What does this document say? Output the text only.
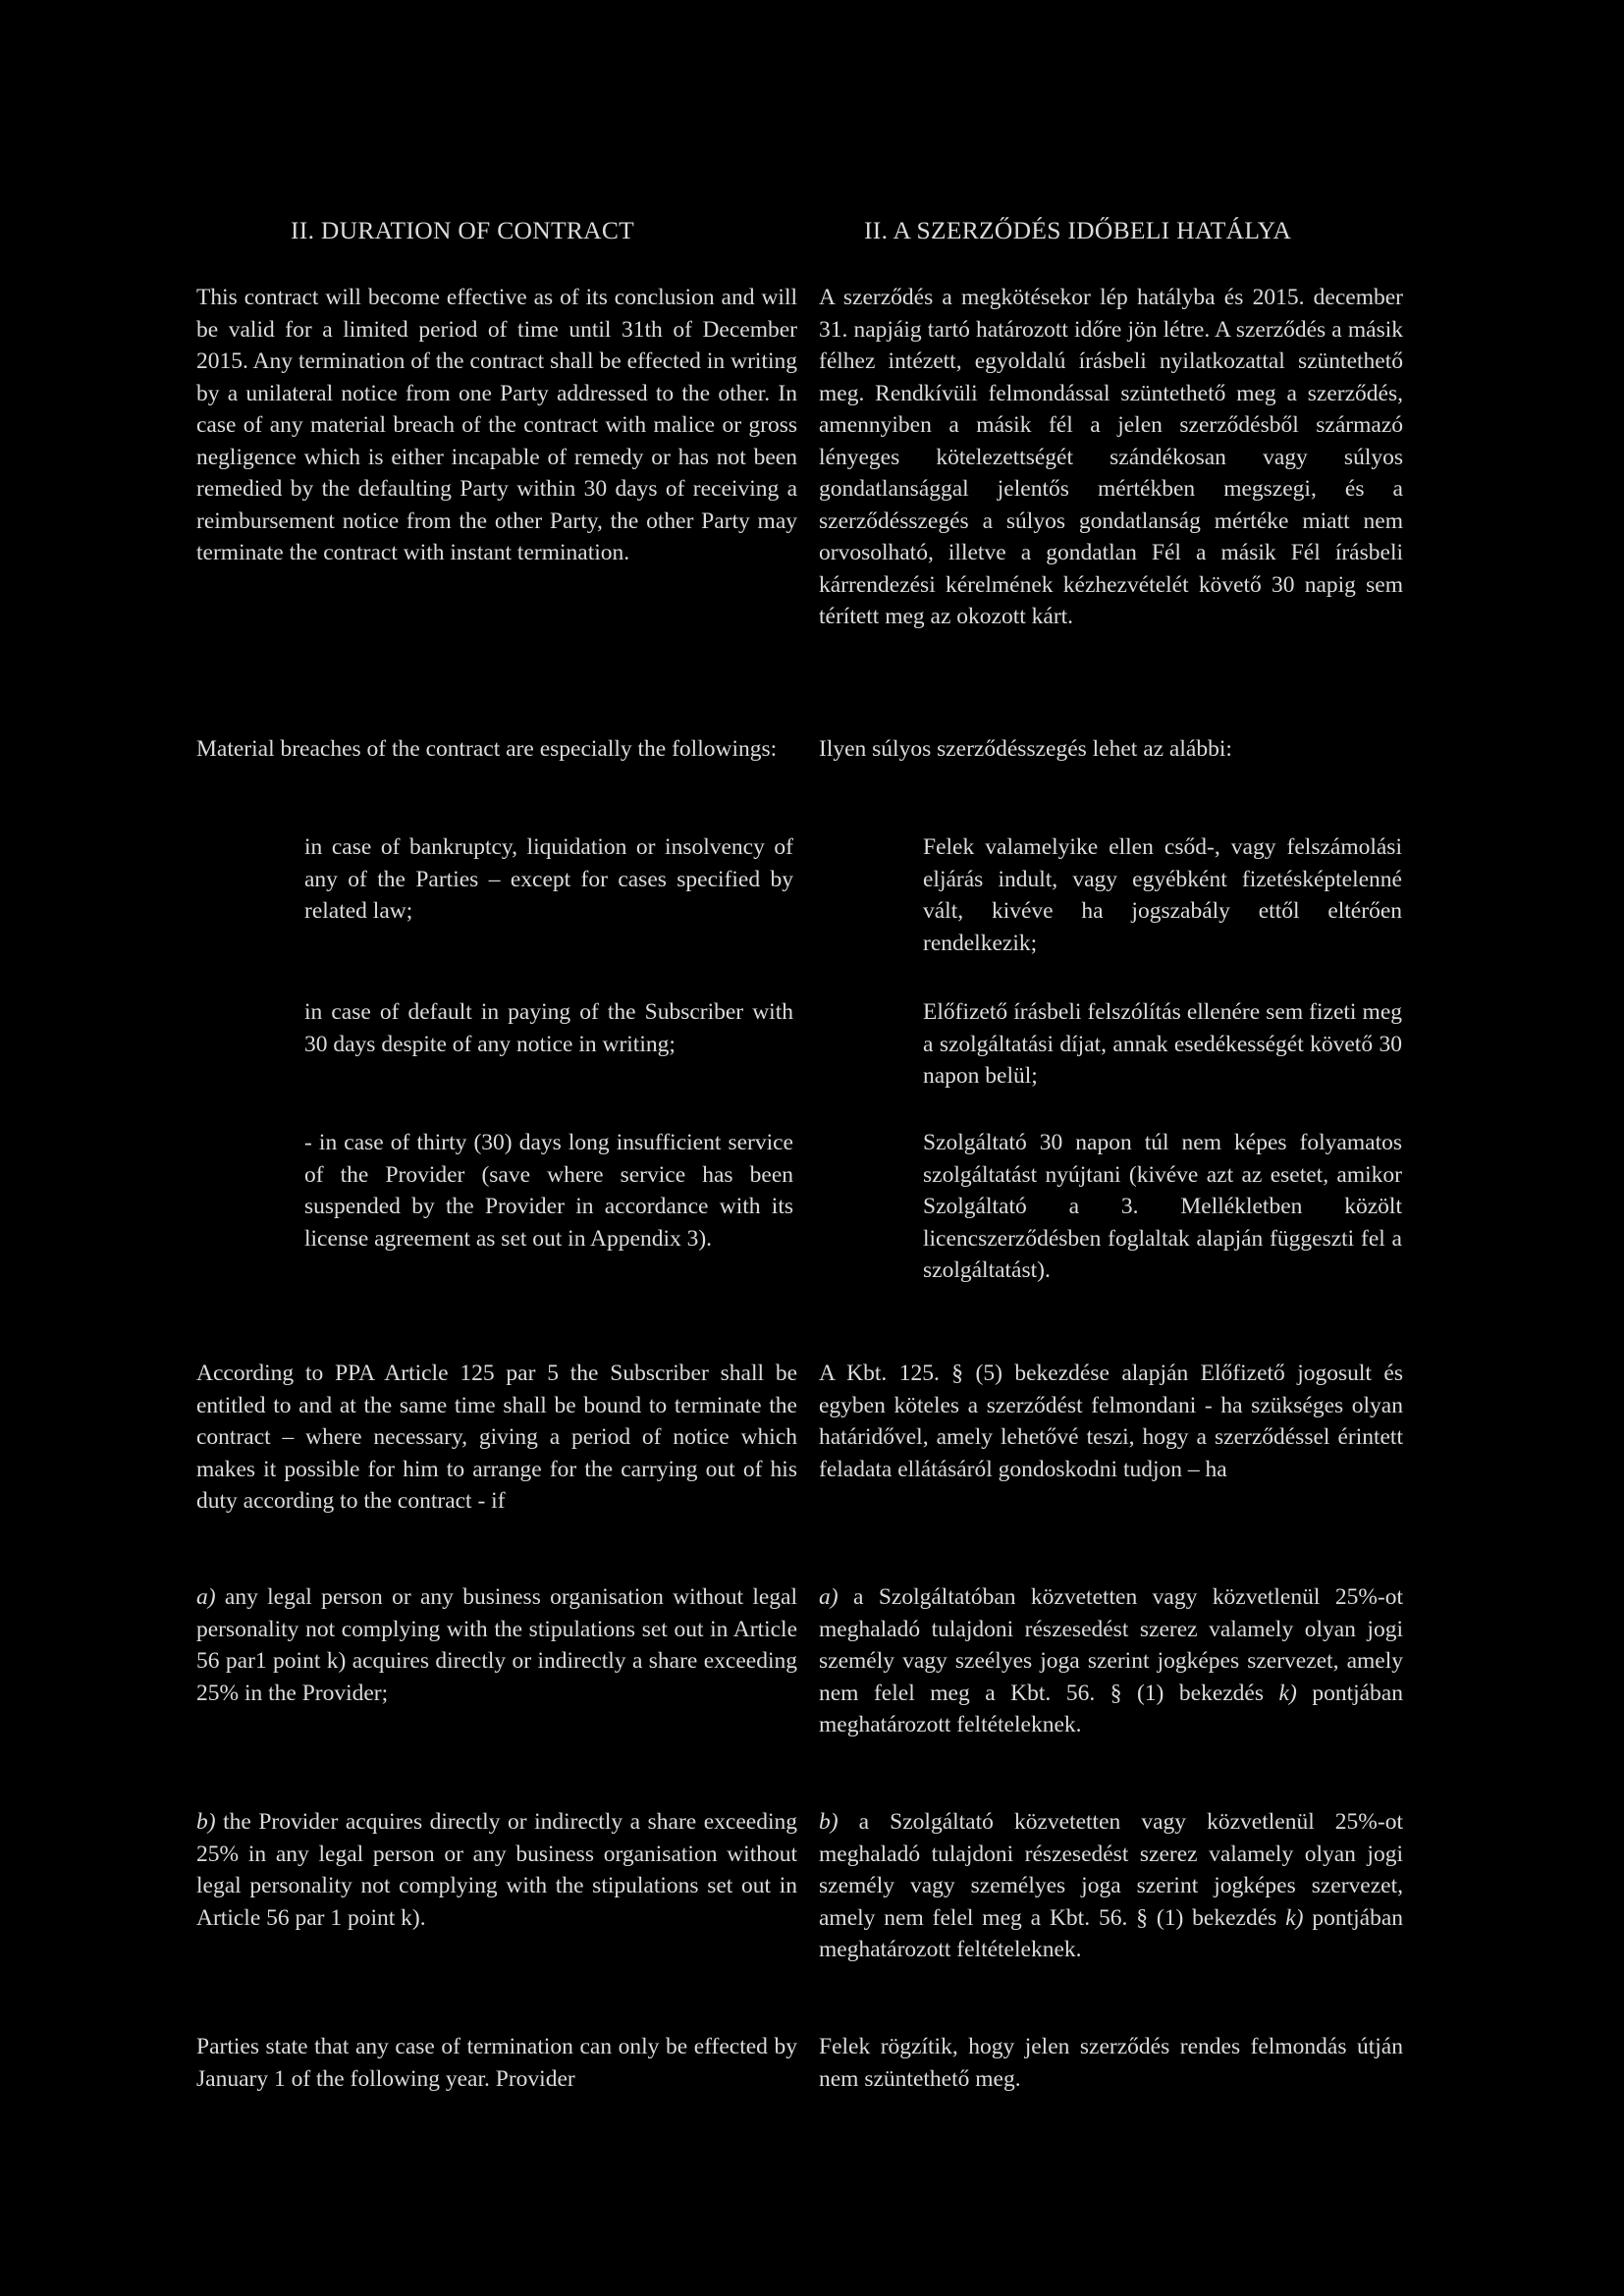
II. DURATION OF CONTRACT	II. A SZERZŐDÉS IDŐBELI HATÁLYA

This contract will become effective as of its conclusion and will be valid for a limited period of time until 31th of December 2015. Any termination of the contract shall be effected in writing by a unilateral notice from one Party addressed to the other. In case of any material breach of the contract with malice or gross negligence which is either incapable of remedy or has not been remedied by the defaulting Party within 30 days of receiving a reimbursement notice from the other Party, the other Party may terminate the contract with instant termination.

Material breaches of the contract are especially the followings:

in case of bankruptcy, liquidation or insolvency of any of the Parties – except for cases specified by related law;

in case of default in paying of the Subscriber with 30 days despite of any notice in writing;

- in case of thirty (30) days long insufficient service of the Provider (save where service has been suspended by the Provider in accordance with its license agreement as set out in Appendix 3).

According to PPA Article 125 par 5 the Subscriber shall be entitled to and at the same time shall be bound to terminate the contract – where necessary, giving a period of notice which makes it possible for him to arrange for the carrying out of his duty according to the contract - if

a) any legal person or any business organisation without legal personality not complying with the stipulations set out in Article 56 par1 point k) acquires directly or indirectly a share exceeding 25% in the Provider;

b) the Provider acquires directly or indirectly a share exceeding 25% in any legal person or any business organisation without legal personality not complying with the stipulations set out in Article 56 par 1 point k).

Parties state that any case of termination can only be effected by January 1 of the following year. Provider

A szerződés a megkötésekor lép hatályba és 2015. december 31. napjáig tartó határozott időre jön létre. A szerződés a másik félhez intézett, egyoldalú írásbeli nyilatkozattal szüntethető meg. Rendkívüli felmondással szüntethető meg a szerződés, amennyiben a másik fél a jelen szerződésből származó lényeges kötelezettségét szándékosan vagy súlyos gondatlansággal jelentős mértékben megszegi, és a szerződésszegés a súlyos gondatlanság mértéke miatt nem orvosolható, illetve a gondatlan Fél a másik Fél írásbeli kárrendezési kérelmének kézhezvételét követő 30 napig sem térített meg az okozott kárt.

Ilyen súlyos szerződésszegés lehet az alábbi:

Felek valamelyike ellen csőd-, vagy felszámolási eljárás indult, vagy egyébként fizetésképtelenné vált, kivéve ha jogszabály ettől eltérően rendelkezik;

Előfizető írásbeli felszólítás ellenére sem fizeti meg a szolgáltatási díjat, annak esedékességét követő 30 napon belül;

Szolgáltató 30 napon túl nem képes folyamatos szolgáltatást nyújtani (kivéve azt az esetet, amikor Szolgáltató a 3. Mellékletben közölt licencszerződésben foglaltak alapján függeszti fel a szolgáltatást).

A Kbt. 125. § (5) bekezdése alapján Előfizető jogosult és egyben köteles a szerződést felmondani - ha szükséges olyan határidővel, amely lehetővé teszi, hogy a szerződéssel érintett feladata ellátásáról gondoskodni tudjon – ha

a) a Szolgáltatóban közvetetten vagy közvetlenül 25%-ot meghaladó tulajdoni részesedést szerez valamely olyan jogi személy vagy szeélyes joga szerint jogképes szervezet, amely nem felel meg a Kbt. 56. § (1) bekezdés k) pontjában meghatározott feltételeknek.

b) a Szolgáltató közvetetten vagy közvetlenül 25%-ot meghaladó tulajdoni részesedést szerez valamely olyan jogi személy vagy személyes joga szerint jogképes szervezet, amely nem felel meg a Kbt. 56. § (1) bekezdés k) pontjában meghatározott feltételeknek.

Felek rögzítik, hogy jelen szerződés rendes felmondás útján nem szüntethető meg.
